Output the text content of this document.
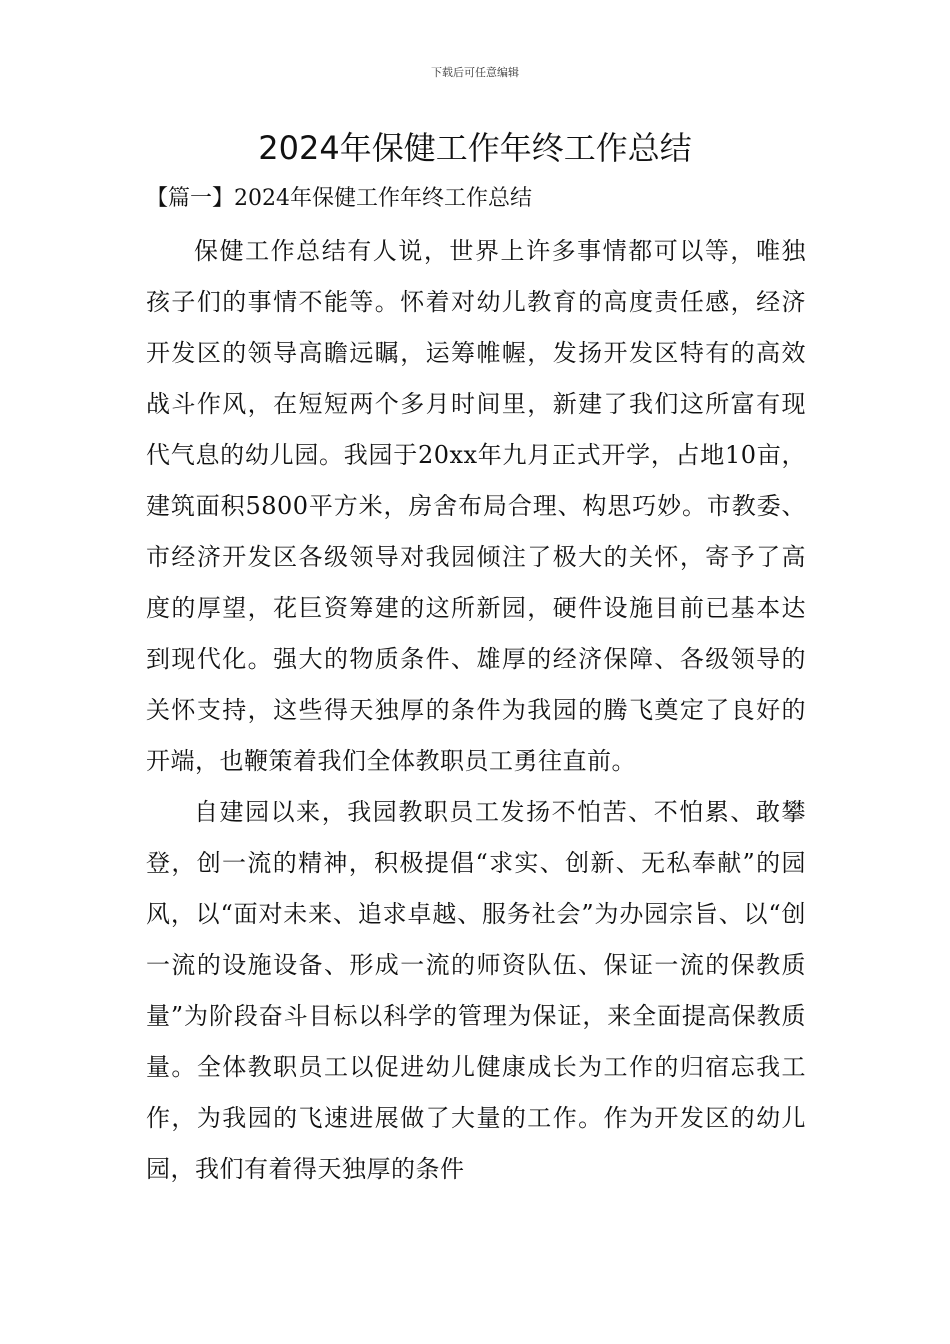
下载后可任意编辑
2024年保健工作年终工作总结
【篇一】2024年保健工作年终工作总结

保健工作总结有人说，世界上许多事情都可以等，唯独孩子们的事情不能等。怀着对幼儿教育的高度责任感，经济开发区的领导高瞻远瞩，运筹帷幄，发扬开发区特有的高效战斗作风，在短短两个多月时间里，新建了我们这所富有现代气息的幼儿园。我园于20xx年九月正式开学，占地10亩，建筑面积5800平方米，房舍布局合理、构思巧妙。市教委、市经济开发区各级领导对我园倾注了极大的关怀，寄予了高度的厚望，花巨资筹建的这所新园，硬件设施目前已基本达到现代化。强大的物质条件、雄厚的经济保障、各级领导的关怀支持，这些得天独厚的条件为我园的腾飞奠定了良好的开端，也鞭策着我们全体教职员工勇往直前。

自建园以来，我园教职员工发扬不怕苦、不怕累、敢攀登，创一流的精神，积极提倡“求实、创新、无私奉献”的园风，以“面对未来、追求卓越、服务社会”为办园宗旨、以“创一流的设施设备、形成一流的师资队伍、保证一流的保教质量”为阶段奋斗目标以科学的管理为保证，来全面提高保教质量。全体教职员工以促进幼儿健康成长为工作的归宿忘我工作，为我园的飞速进展做了大量的工作。作为开发区的幼儿园，我们有着得天独厚的条件
